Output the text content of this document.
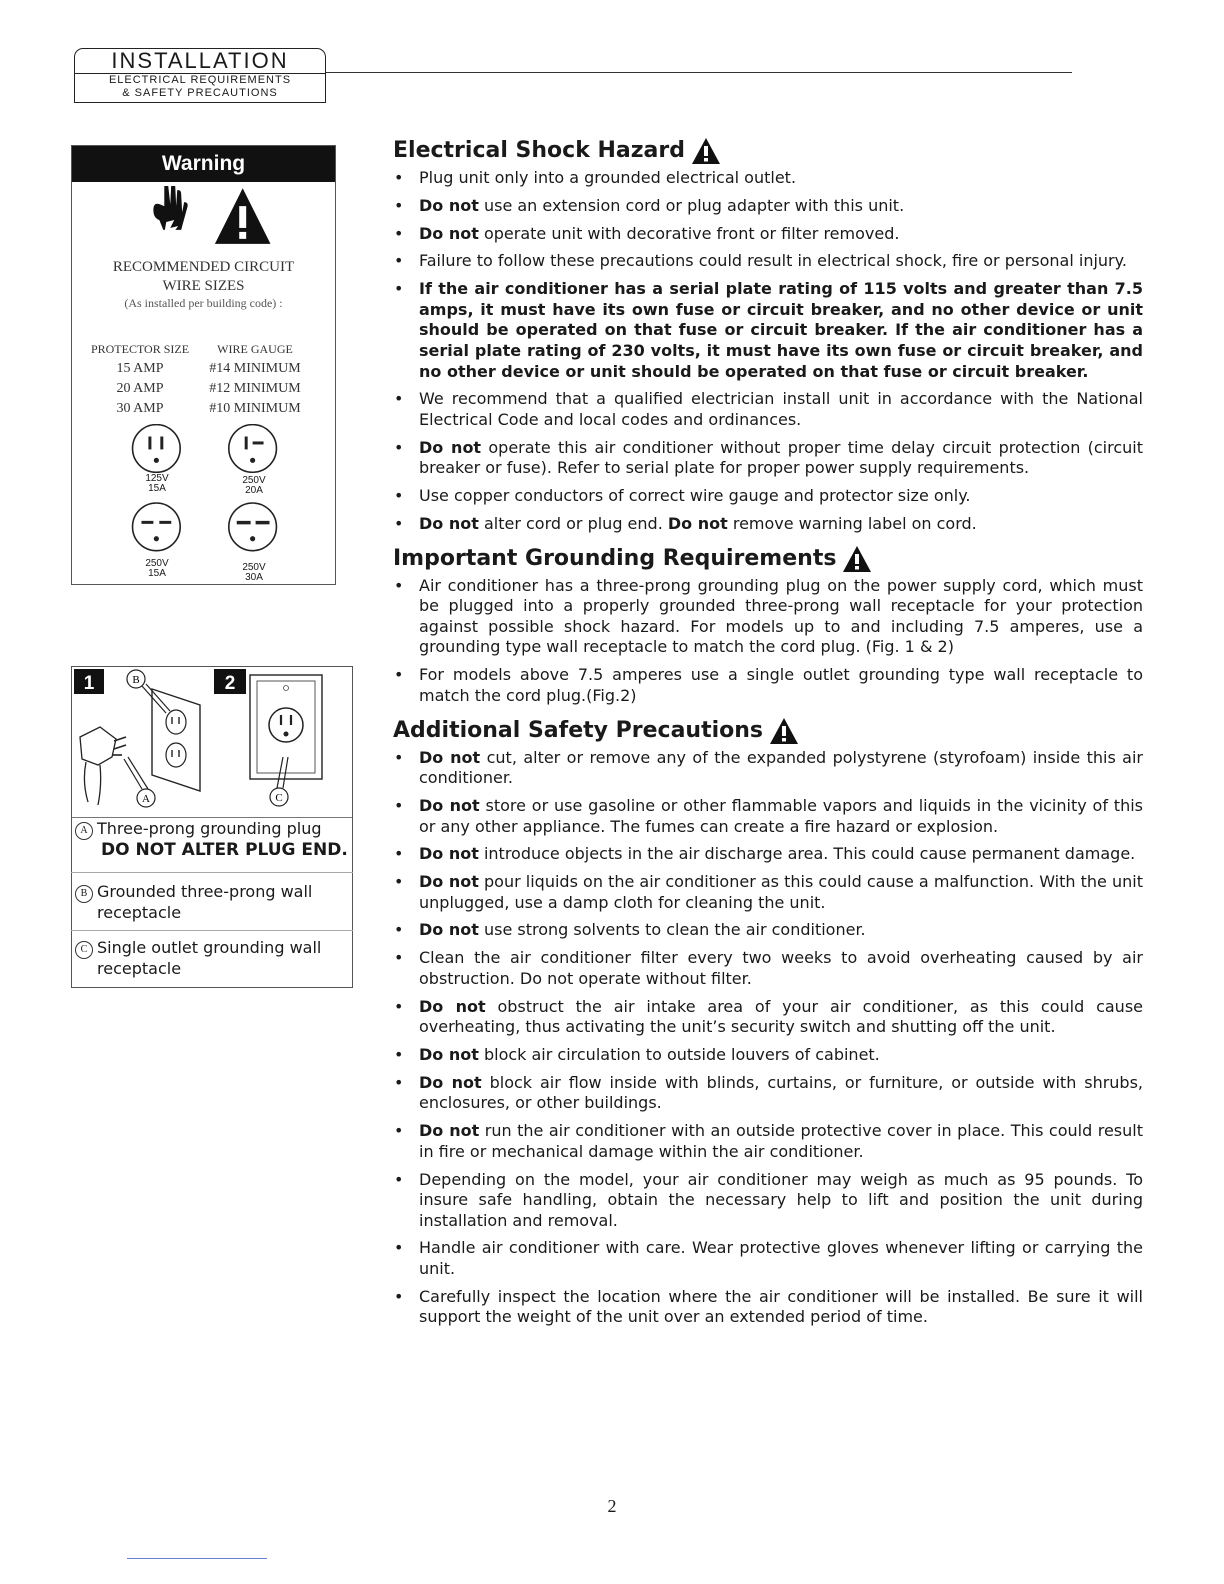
INSTALLATION
ELECTRICAL REQUIREMENTS
& SAFETY PRECAUTIONS
Warning
RECOMMENDED CIRCUIT
WIRE SIZES
(As installed per building code) :
PROTECTOR SIZE	WIRE GAUGE
15 AMP	#14 MINIMUM
20 AMP	#12 MINIMUM
30 AMP	#10 MINIMUM
125V
15A
250V
20A
250V
15A
250V
30A
1	2
B
A	C
A Three-prong grounding plug
DO NOT ALTER PLUG END.
B Grounded three-prong wall receptacle
C Single outlet grounding wall receptacle
Electrical Shock Hazard
• Plug unit only into a grounded electrical outlet.
• Do not use an extension cord or plug adapter with this unit.
• Do not operate unit with decorative front or filter removed.
• Failure to follow these precautions could result in electrical shock, fire or personal injury.
• If the air conditioner has a serial plate rating of 115 volts and greater than 7.5 amps, it must have its own fuse or circuit breaker, and no other device or unit should be operated on that fuse or circuit breaker. If the air conditioner has a serial plate rating of 230 volts, it must have its own fuse or circuit breaker, and no other device or unit should be operated on that fuse or circuit breaker.
• We recommend that a qualified electrician install unit in accordance with the National Electrical Code and local codes and ordinances.
• Do not operate this air conditioner without proper time delay circuit protection (circuit breaker or fuse). Refer to serial plate for proper power supply requirements.
• Use copper conductors of correct wire gauge and protector size only.
• Do not alter cord or plug end. Do not remove warning label on cord.
Important Grounding Requirements
• Air conditioner has a three-prong grounding plug on the power supply cord, which must be plugged into a properly grounded three-prong wall receptacle for your protection against possible shock hazard. For models up to and including 7.5 amperes, use a grounding type wall receptacle to match the cord plug. (Fig. 1 & 2)
• For models above 7.5 amperes use a single outlet grounding type wall receptacle to match the cord plug.(Fig.2)
Additional Safety Precautions
• Do not cut, alter or remove any of the expanded polystyrene (styrofoam) inside this air conditioner.
• Do not store or use gasoline or other flammable vapors and liquids in the vicinity of this or any other appliance. The fumes can create a fire hazard or explosion.
• Do not introduce objects in the air discharge area. This could cause permanent damage.
• Do not pour liquids on the air conditioner as this could cause a malfunction. With the unit unplugged, use a damp cloth for cleaning the unit.
• Do not use strong solvents to clean the air conditioner.
• Clean the air conditioner filter every two weeks to avoid overheating caused by air obstruction. Do not operate without filter.
• Do not obstruct the air intake area of your air conditioner, as this could cause overheating, thus activating the unit’s security switch and shutting off the unit.
• Do not block air circulation to outside louvers of cabinet.
• Do not block air flow inside with blinds, curtains, or furniture, or outside with shrubs, enclosures, or other buildings.
• Do not run the air conditioner with an outside protective cover in place. This could result in fire or mechanical damage within the air conditioner.
• Depending on the model, your air conditioner may weigh as much as 95 pounds. To insure safe handling, obtain the necessary help to lift and position the unit during installation and removal.
• Handle air conditioner with care. Wear protective gloves whenever lifting or carrying the unit.
• Carefully inspect the location where the air conditioner will be installed. Be sure it will support the weight of the unit over an extended period of time.
2
